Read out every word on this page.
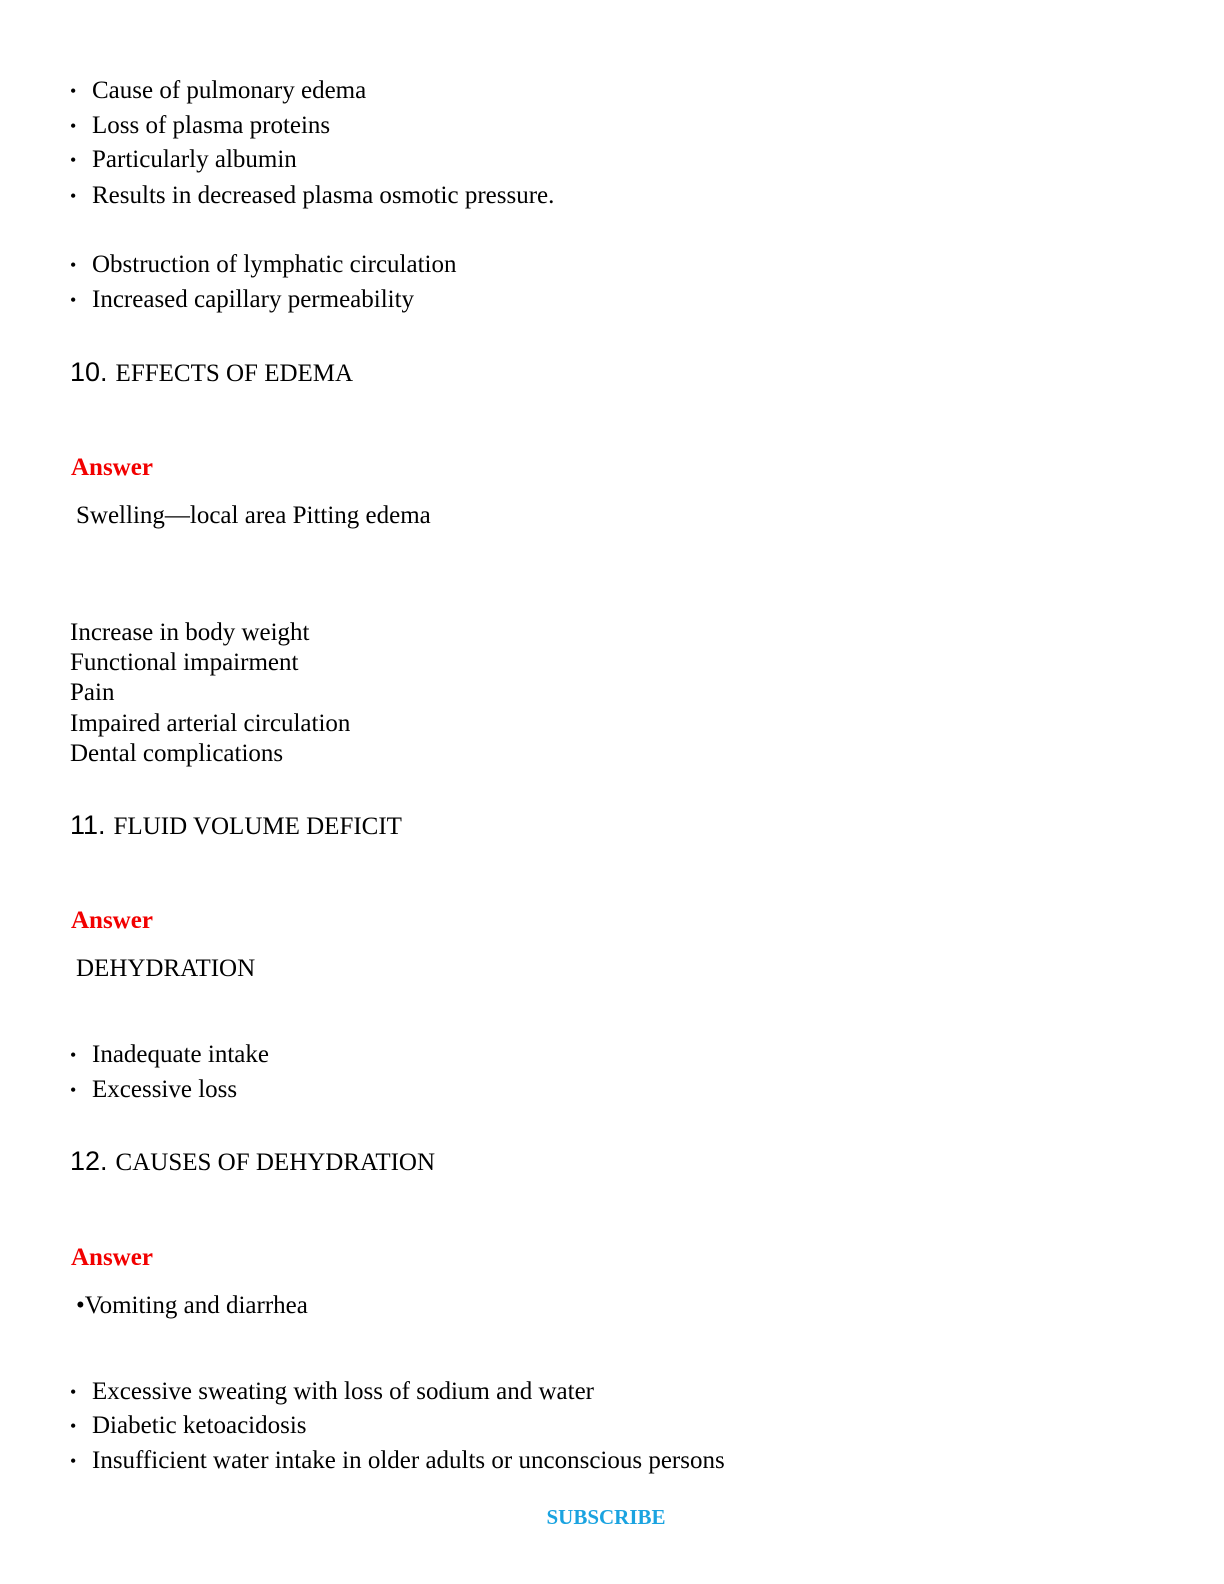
• Cause of pulmonary edema
• Loss of plasma proteins
• Particularly albumin
• Results in decreased plasma osmotic pressure.
• Obstruction of lymphatic circulation
• Increased capillary permeability
10. EFFECTS OF EDEMA
Answer
Swelling—local area Pitting edema
Increase in body weight
Functional impairment
Pain
Impaired arterial circulation
Dental complications
11. FLUID VOLUME DEFICIT
Answer
DEHYDRATION
• Inadequate intake
• Excessive loss
12. CAUSES OF DEHYDRATION
Answer
•Vomiting and diarrhea
• Excessive sweating with loss of sodium and water
• Diabetic ketoacidosis
• Insufficient water intake in older adults or unconscious persons
SUBSCRIBE
